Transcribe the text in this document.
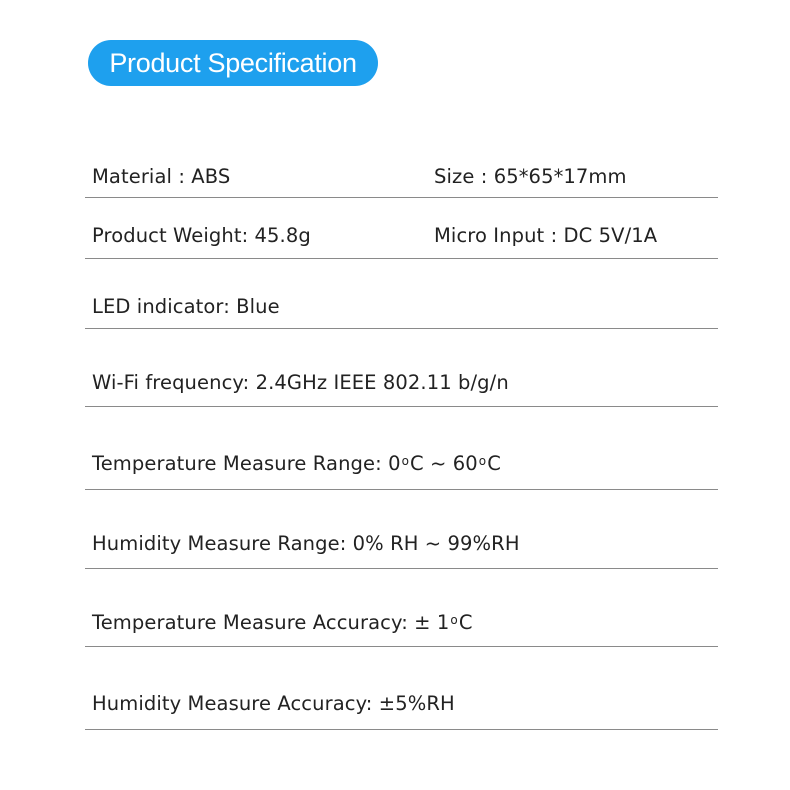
Product Specification
Material : ABS	Size : 65*65*17mm
Product Weight: 45.8g	Micro Input : DC 5V/1A
LED indicator: Blue
Wi-Fi frequency: 2.4GHz IEEE 802.11 b/g/n
Temperature Measure Range: 0$^o$C ~ 60$^o$C
Humidity Measure Range: 0% RH ~ 99%RH
Temperature Measure Accuracy: ± $1^oC$
Humidity Measure Accuracy: ±5%RH
